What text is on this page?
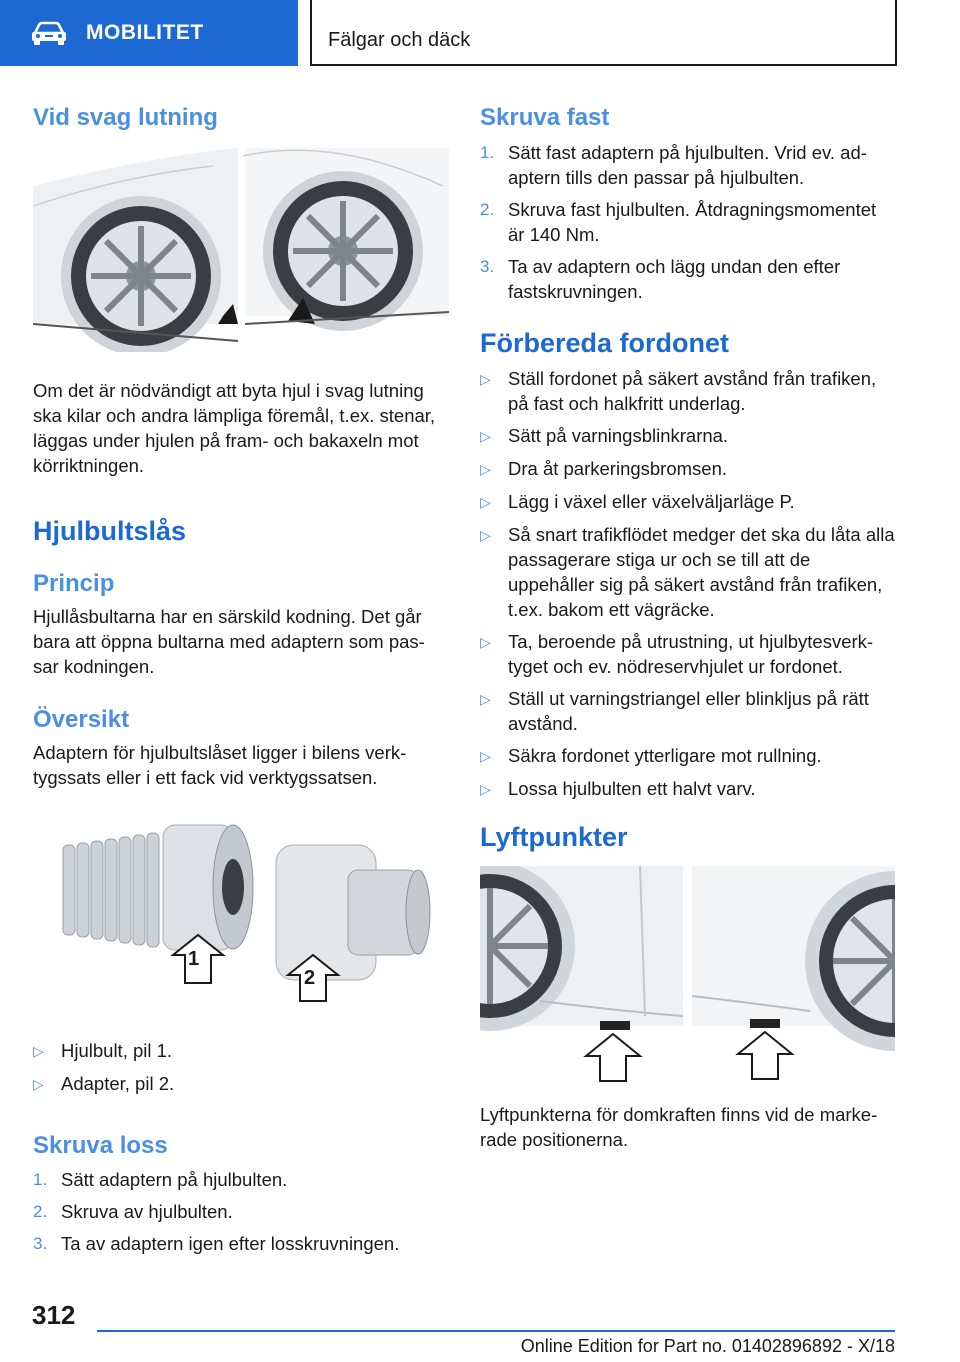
MOBILITET	Fälgar och däck
Vid svag lutning
Om det är nödvändigt att byta hjul i svag lutning ska kilar och andra lämpliga föremål, t.ex. stenar, läggas under hjulen på fram- och bakaxeln mot körriktningen.
Hjulbultslås
Princip
Hjullåsbultarna har en särskild kodning. Det går bara att öppna bultarna med adaptern som pas- sar kodningen.
Översikt
Adaptern för hjulbultslåset ligger i bilens verk- tygssats eller i ett fack vid verktygssatsen.
1
2
▷ Hjulbult, pil 1.
▷ Adapter, pil 2.
Skruva loss
1. Sätt adaptern på hjulbulten.
2. Skruva av hjulbulten.
3. Ta av adaptern igen efter losskruvningen.
Skruva fast
1. Sätt fast adaptern på hjulbulten. Vrid ev. ad- aptern tills den passar på hjulbulten.
2. Skruva fast hjulbulten. Åtdragningsmomentet är 140 Nm.
3. Ta av adaptern och lägg undan den efter fastskruvningen.
Förbereda fordonet
▷ Ställ fordonet på säkert avstånd från trafiken, på fast och halkfritt underlag.
▷ Sätt på varningsblinkrarna.
▷ Dra åt parkeringsbromsen.
▷ Lägg i växel eller växelväljarläge P.
▷ Så snart trafikflödet medger det ska du låta alla passagerare stiga ur och se till att de uppehåller sig på säkert avstånd från trafiken, t.ex. bakom ett vägräcke.
▷ Ta, beroende på utrustning, ut hjulbytesverk- tyget och ev. nödreservhjulet ur fordonet.
▷ Ställ ut varningstriangel eller blinkljus på rätt avstånd.
▷ Säkra fordonet ytterligare mot rullning.
▷ Lossa hjulbulten ett halvt varv.
Lyftpunkter
Lyftpunkterna för domkraften finns vid de marke- rade positionerna.
312
Online Edition for Part no. 01402896892 - X/18
